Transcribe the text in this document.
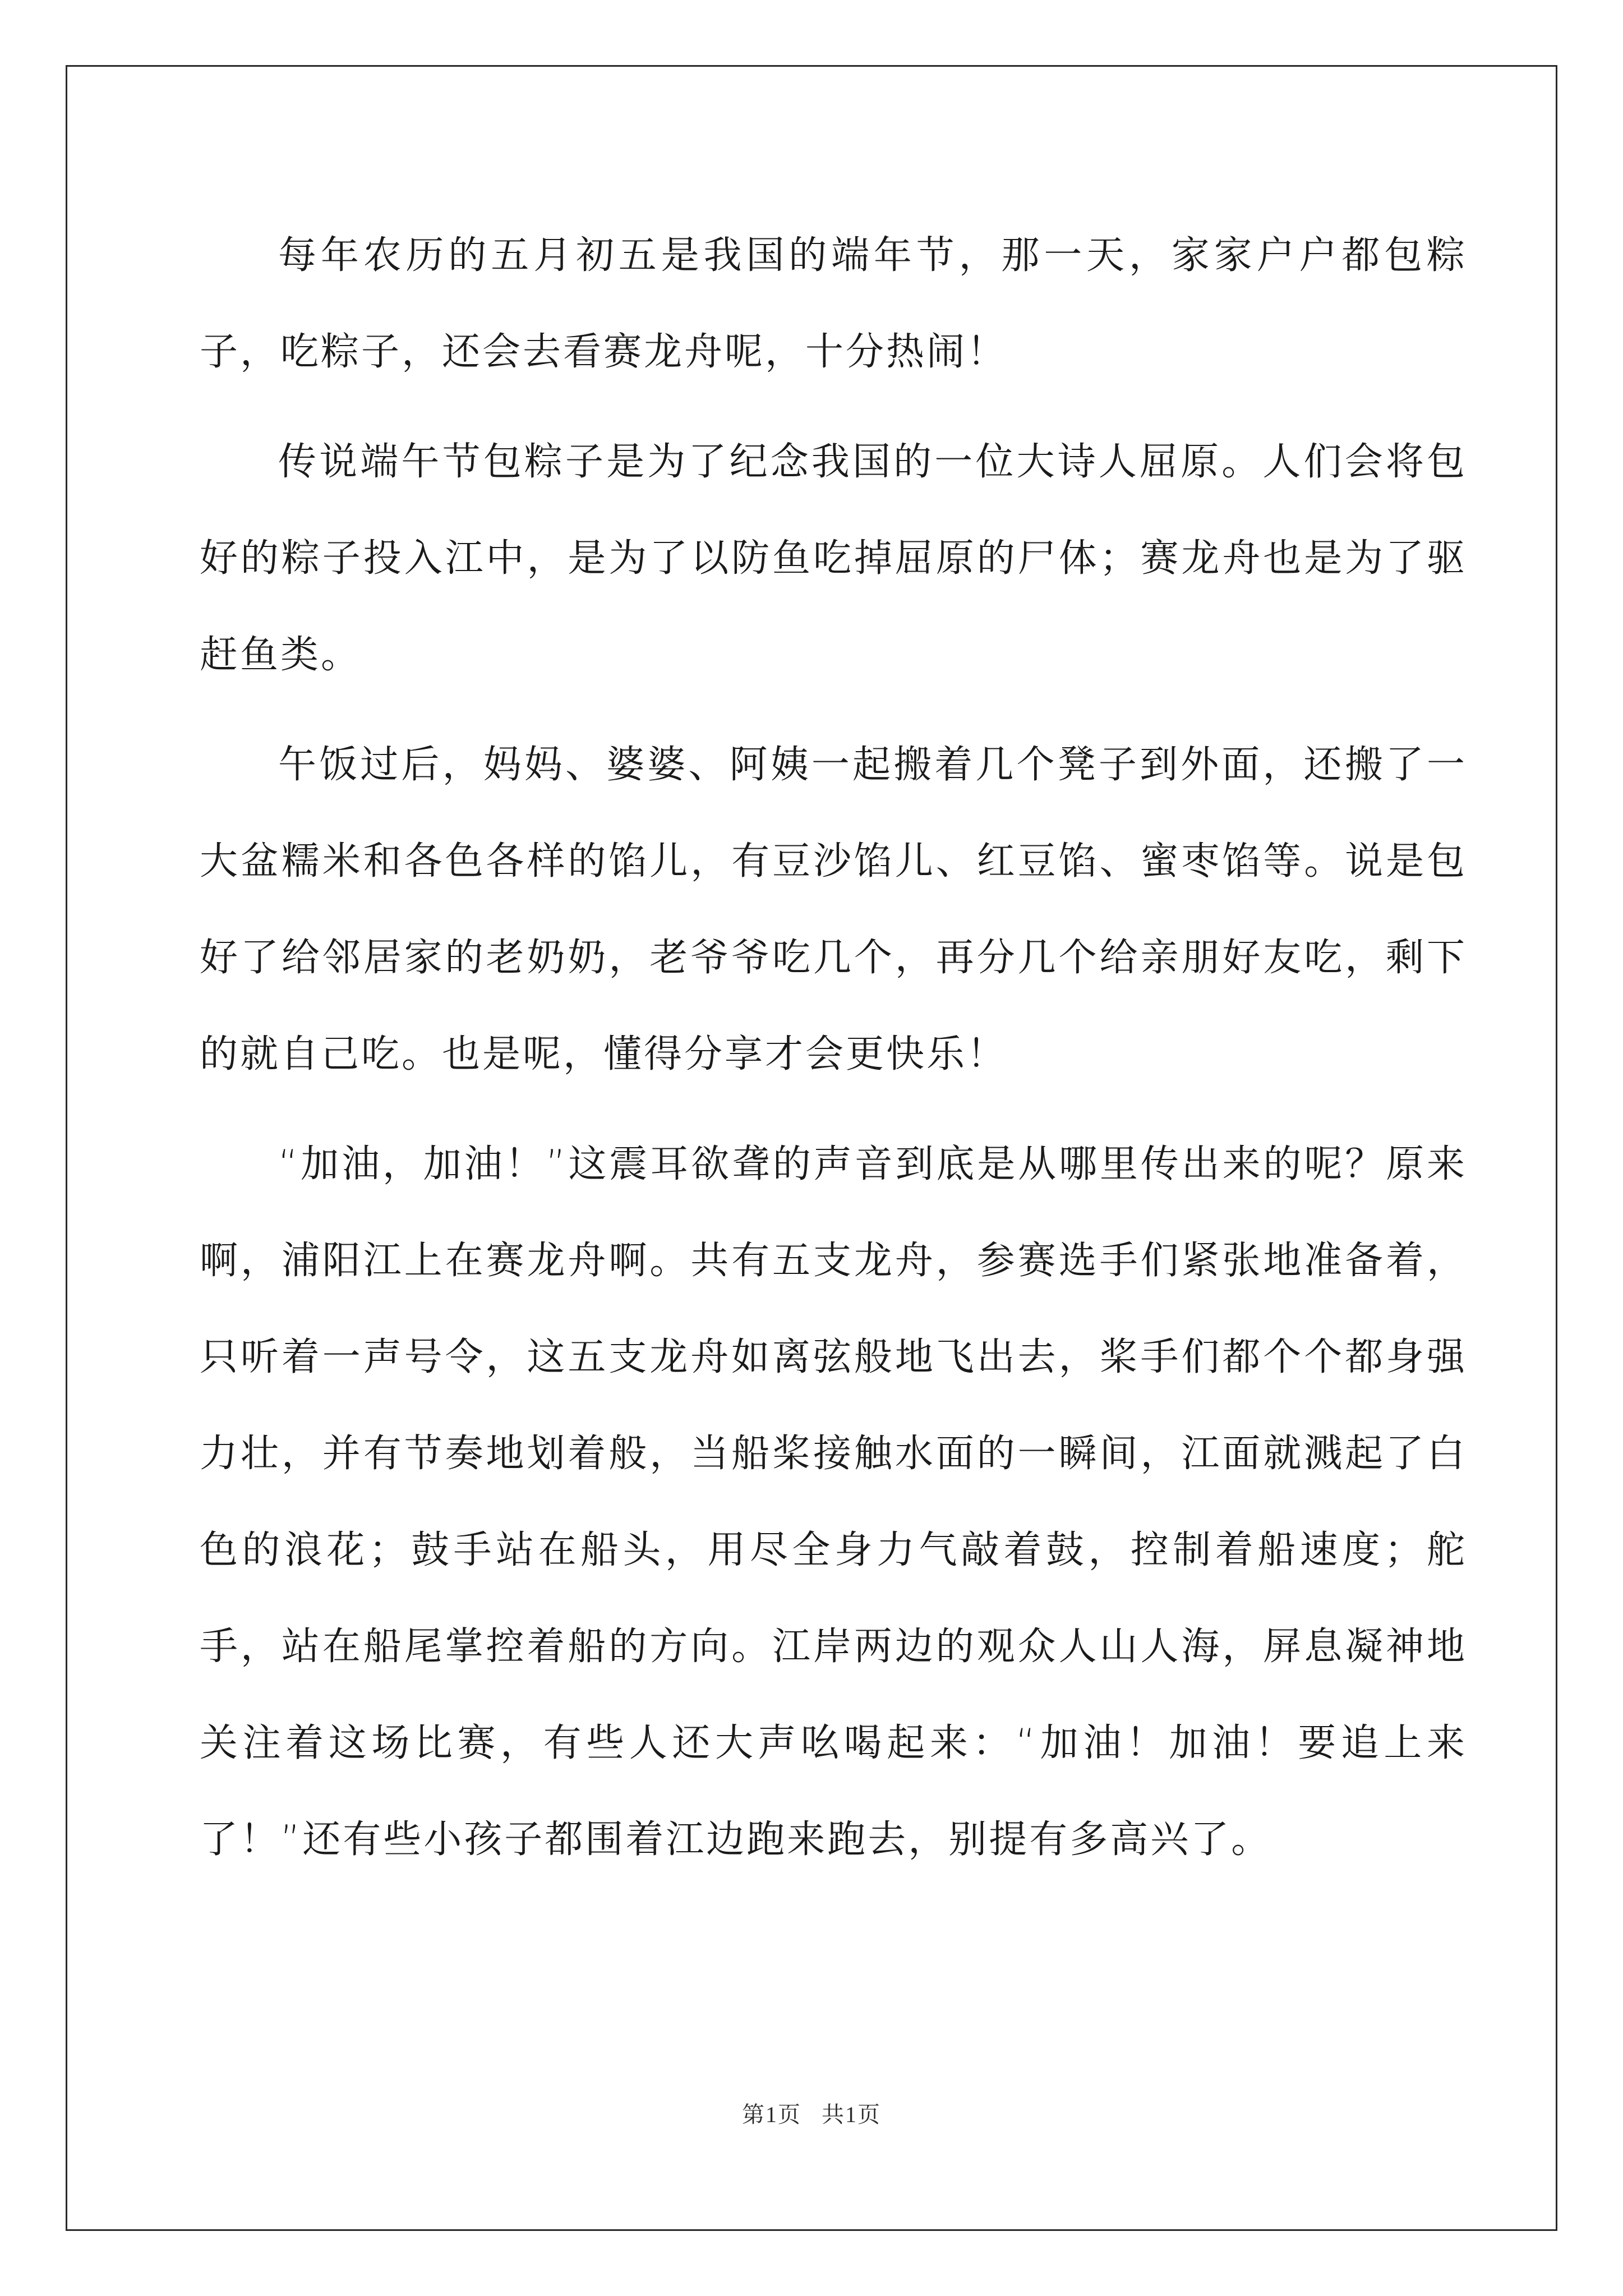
每年农历的五月初五是我国的端年节，那一天，家家户户都包粽子，吃粽子，还会去看赛龙舟呢，十分热闹！

传说端午节包粽子是为了纪念我国的一位大诗人屈原。人们会将包好的粽子投入江中，是为了以防鱼吃掉屈原的尸体；赛龙舟也是为了驱赶鱼类。

午饭过后，妈妈、婆婆、阿姨一起搬着几个凳子到外面，还搬了一大盆糯米和各色各样的馅儿，有豆沙馅儿、红豆馅、蜜枣馅等。说是包好了给邻居家的老奶奶，老爷爷吃几个，再分几个给亲朋好友吃，剩下的就自己吃。也是呢，懂得分享才会更快乐！

“加油，加油！”这震耳欲聋的声音到底是从哪里传出来的呢？原来啊，浦阳江上在赛龙舟啊。共有五支龙舟，参赛选手们紧张地准备着，只听着一声号令，这五支龙舟如离弦般地飞出去，桨手们都个个都身强力壮，并有节奏地划着般，当船桨接触水面的一瞬间，江面就溅起了白色的浪花；鼓手站在船头，用尽全身力气敲着鼓，控制着船速度；舵手，站在船尾掌控着船的方向。江岸两边的观众人山人海，屏息凝神地关注着这场比赛，有些人还大声吆喝起来：“加油！加油！要追上来了！”还有些小孩子都围着江边跑来跑去，别提有多高兴了。

第1页   共1页
